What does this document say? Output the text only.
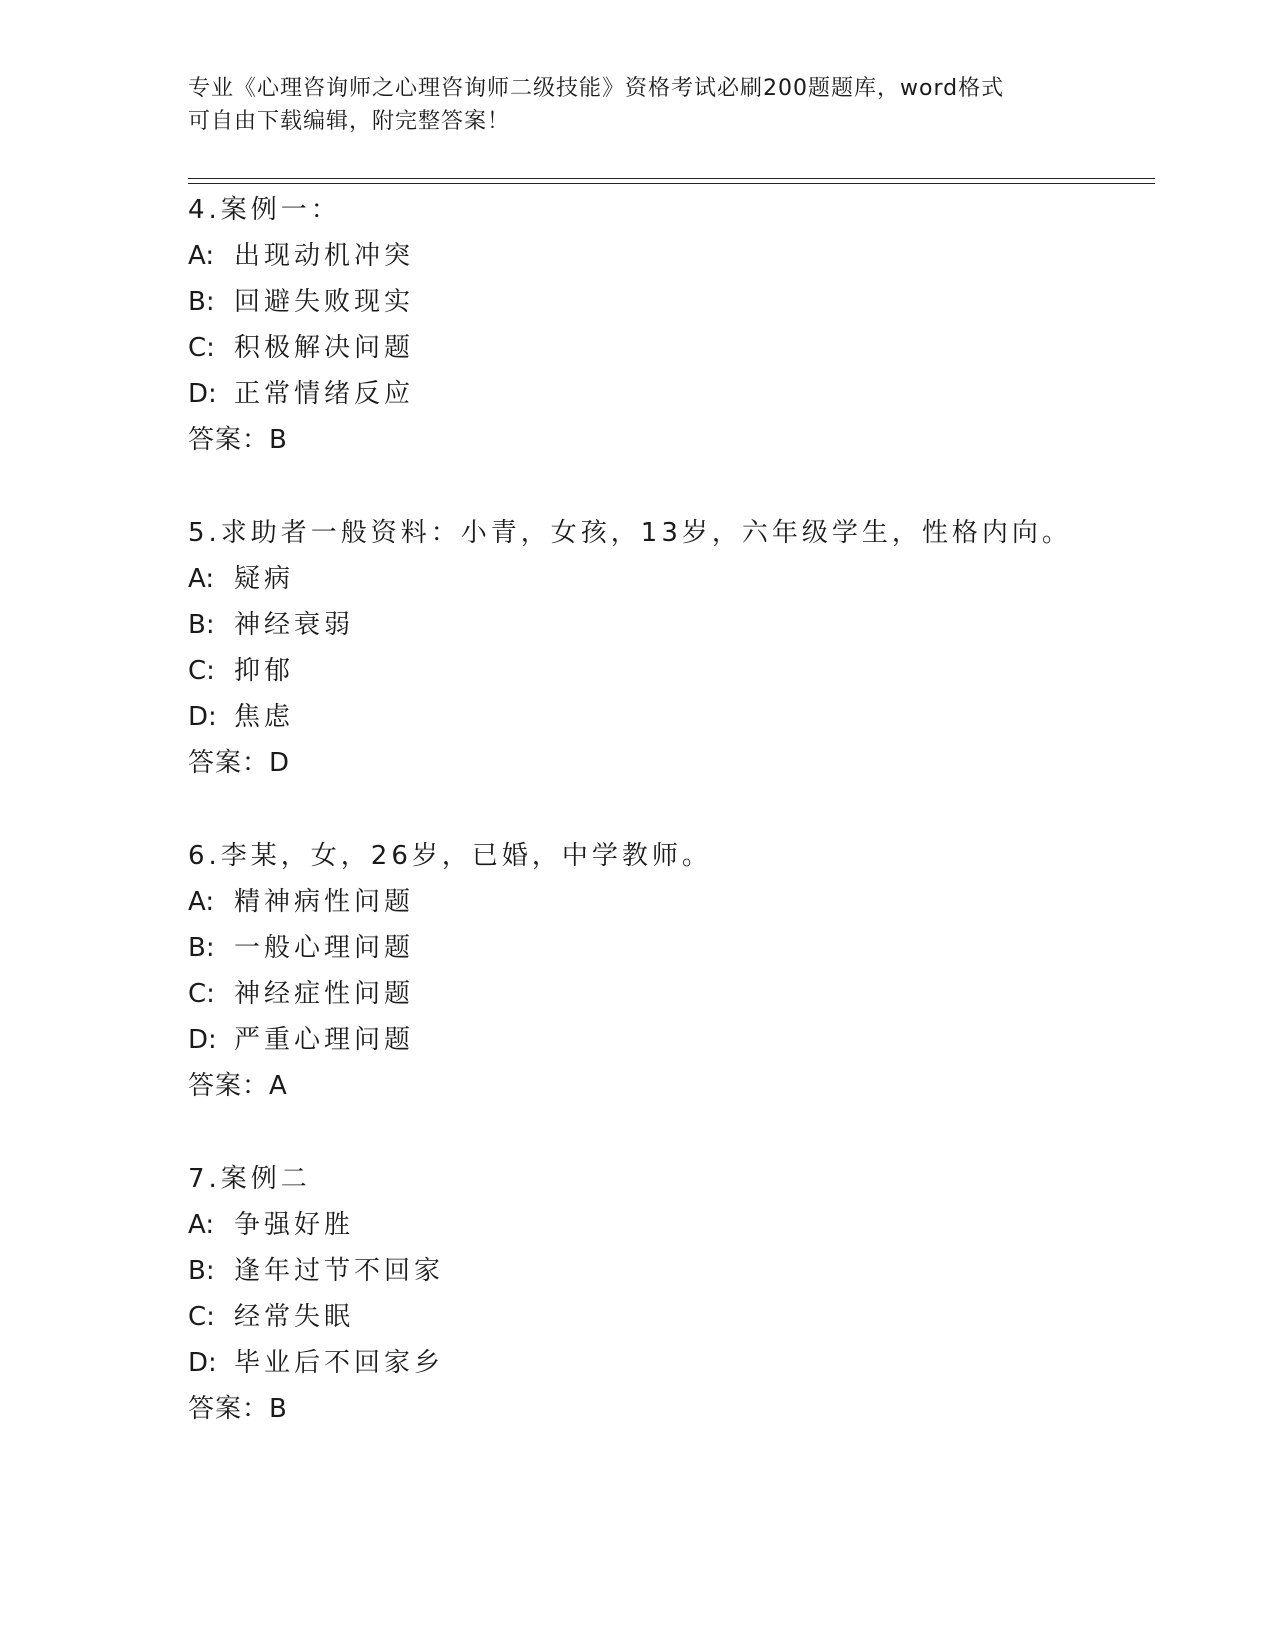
专业《心理咨询师之心理咨询师二级技能》资格考试必刷200题题库，word格式
可自由下载编辑，附完整答案！
4.案例一：
A: 出现动机冲突
B: 回避失败现实
C: 积极解决问题
D: 正常情绪反应
答案：B
5.求助者一般资料：小青，女孩，13岁，六年级学生，性格内向。
A: 疑病
B: 神经衰弱
C: 抑郁
D: 焦虑
答案：D
6.李某，女，26岁，已婚，中学教师。
A: 精神病性问题
B: 一般心理问题
C: 神经症性问题
D: 严重心理问题
答案：A
7.案例二
A: 争强好胜
B: 逢年过节不回家
C: 经常失眠
D: 毕业后不回家乡
答案：B
